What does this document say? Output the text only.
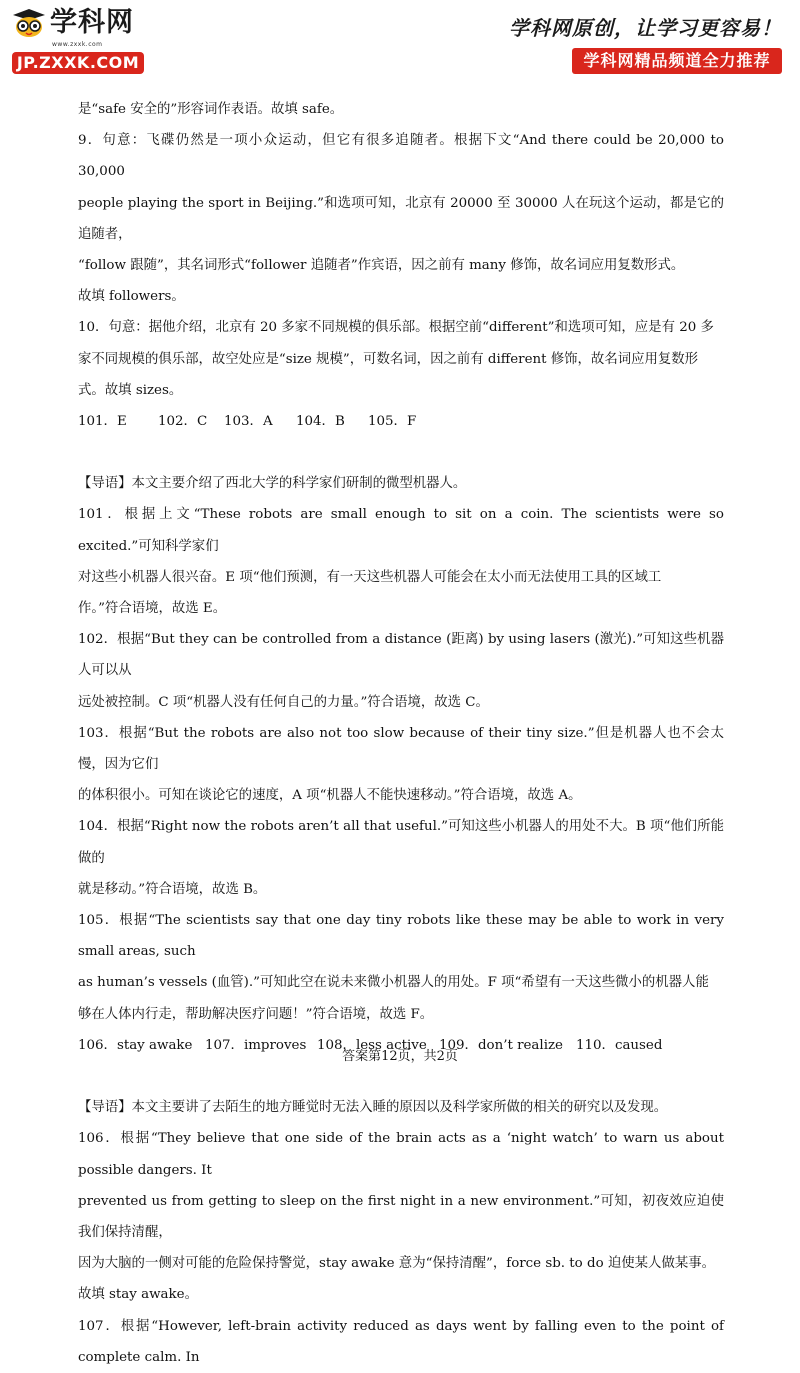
学科网
www.zxxk.com
JP.ZXXK.COM
学科网原创，让学习更容易！
学科网精品频道全力推荐

是“safe 安全的”形容词作表语。故填 safe。

9．句意：飞碟仍然是一项小众运动，但它有很多追随者。根据下文“And there could be 20,000 to 30,000

people playing the sport in Beijing.”和选项可知，北京有 20000 至 30000 人在玩这个运动，都是它的追随者，

“follow 跟随”，其名词形式“follower 追随者”作宾语，因之前有 many 修饰，故名词应用复数形式。

故填 followers。

10．句意：据他介绍，北京有 20 多家不同规模的俱乐部。根据空前“different”和选项可知，应是有 20 多

家不同规模的俱乐部，故空处应是“size 规模”，可数名词，因之前有 different 修饰，故名词应用复数形

式。故填 sizes。

101．E	102．C	103．A	104．B	105．F

【导语】本文主要介绍了西北大学的科学家们研制的微型机器人。

101．根据上文“These robots are small enough to sit on a coin. The scientists were so excited.”可知科学家们

对这些小机器人很兴奋。E 项“他们预测，有一天这些机器人可能会在太小而无法使用工具的区域工

作。”符合语境，故选 E。

102．根据“But they can be controlled from a distance (距离) by using lasers (激光).”可知这些机器人可以从

远处被控制。C 项“机器人没有任何自己的力量。”符合语境，故选 C。

103．根据“But the robots are also not too slow because of their tiny size.”但是机器人也不会太慢，因为它们

的体积很小。可知在谈论它的速度，A 项“机器人不能快速移动。”符合语境，故选 A。

104．根据“Right now the robots aren’t all that useful.”可知这些小机器人的用处不大。B 项“他们所能做的

就是移动。”符合语境，故选 B。

105．根据“The scientists say that one day tiny robots like these may be able to work in very small areas, such

as human’s vessels (血管).”可知此空在说未来微小机器人的用处。F 项“希望有一天这些微小的机器人能

够在人体内行走，帮助解决医疗问题！”符合语境，故选 F。

106．stay awake 107．improves 108．less active 109．don’t realize 110．caused

【导语】本文主要讲了去陌生的地方睡觉时无法入睡的原因以及科学家所做的相关的研究以及发现。

106．根据“They believe that one side of the brain acts as a ‘night watch’ to warn us about possible dangers. It

prevented us from getting to sleep on the first night in a new environment.”可知，初夜效应迫使我们保持清醒，

因为大脑的一侧对可能的危险保持警觉，stay awake 意为“保持清醒”，force sb. to do 迫使某人做某事。

故填 stay awake。

107．根据“However, left-brain activity reduced as days went by falling even to the point of complete calm. In

答案第12页，共2页
